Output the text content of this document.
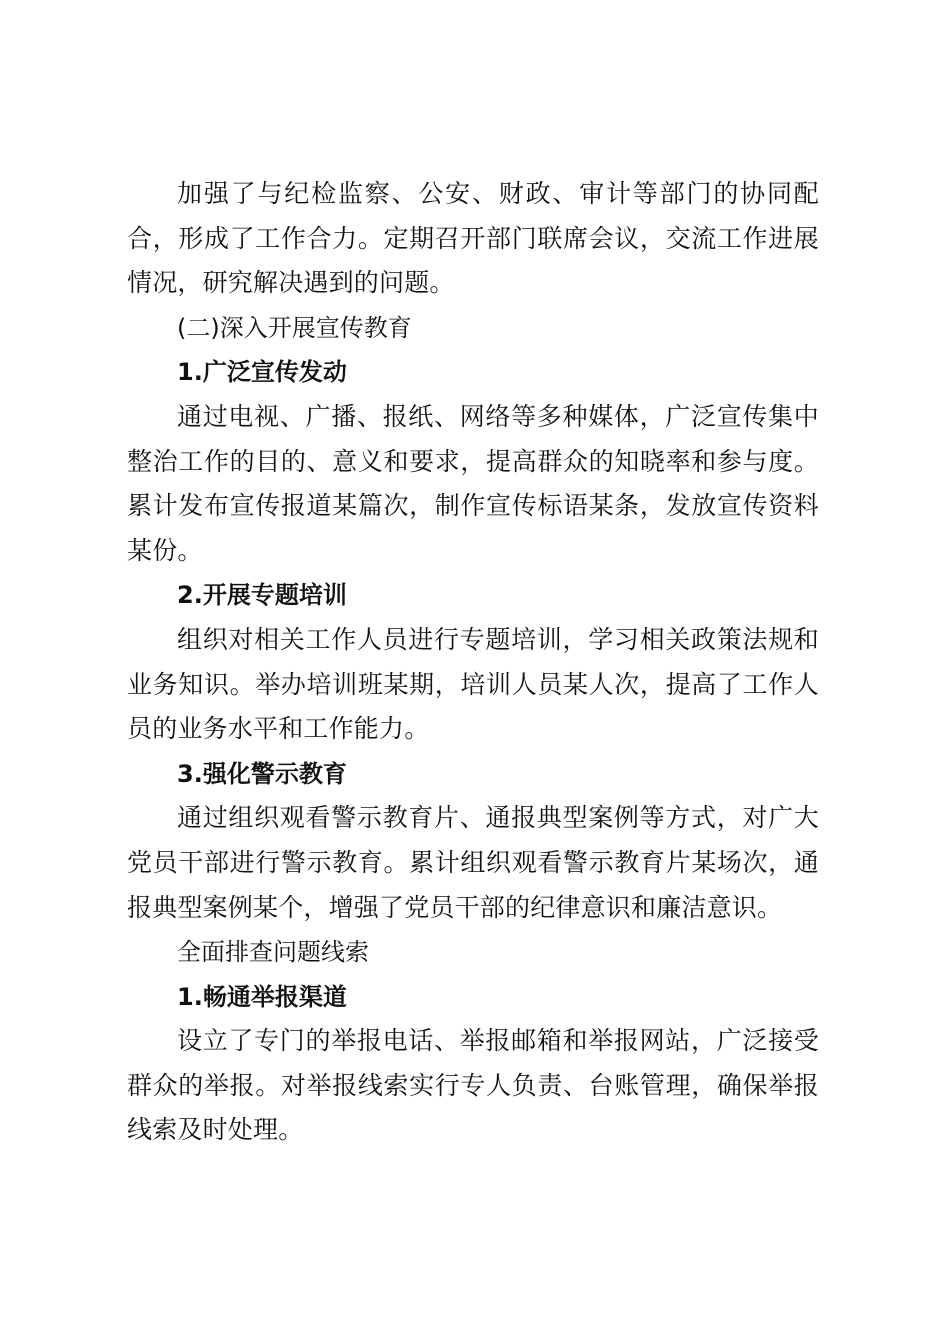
加强了与纪检监察、公安、财政、审计等部门的协同配合，形成了工作合力。定期召开部门联席会议，交流工作进展情况，研究解决遇到的问题。

(二)深入开展宣传教育

1.广泛宣传发动

通过电视、广播、报纸、网络等多种媒体，广泛宣传集中整治工作的目的、意义和要求，提高群众的知晓率和参与度。累计发布宣传报道某篇次，制作宣传标语某条，发放宣传资料某份。

2.开展专题培训

组织对相关工作人员进行专题培训，学习相关政策法规和业务知识。举办培训班某期，培训人员某人次，提高了工作人员的业务水平和工作能力。

3.强化警示教育

通过组织观看警示教育片、通报典型案例等方式，对广大党员干部进行警示教育。累计组织观看警示教育片某场次，通报典型案例某个，增强了党员干部的纪律意识和廉洁意识。

全面排查问题线索

1.畅通举报渠道

设立了专门的举报电话、举报邮箱和举报网站，广泛接受群众的举报。对举报线索实行专人负责、台账管理，确保举报线索及时处理。
